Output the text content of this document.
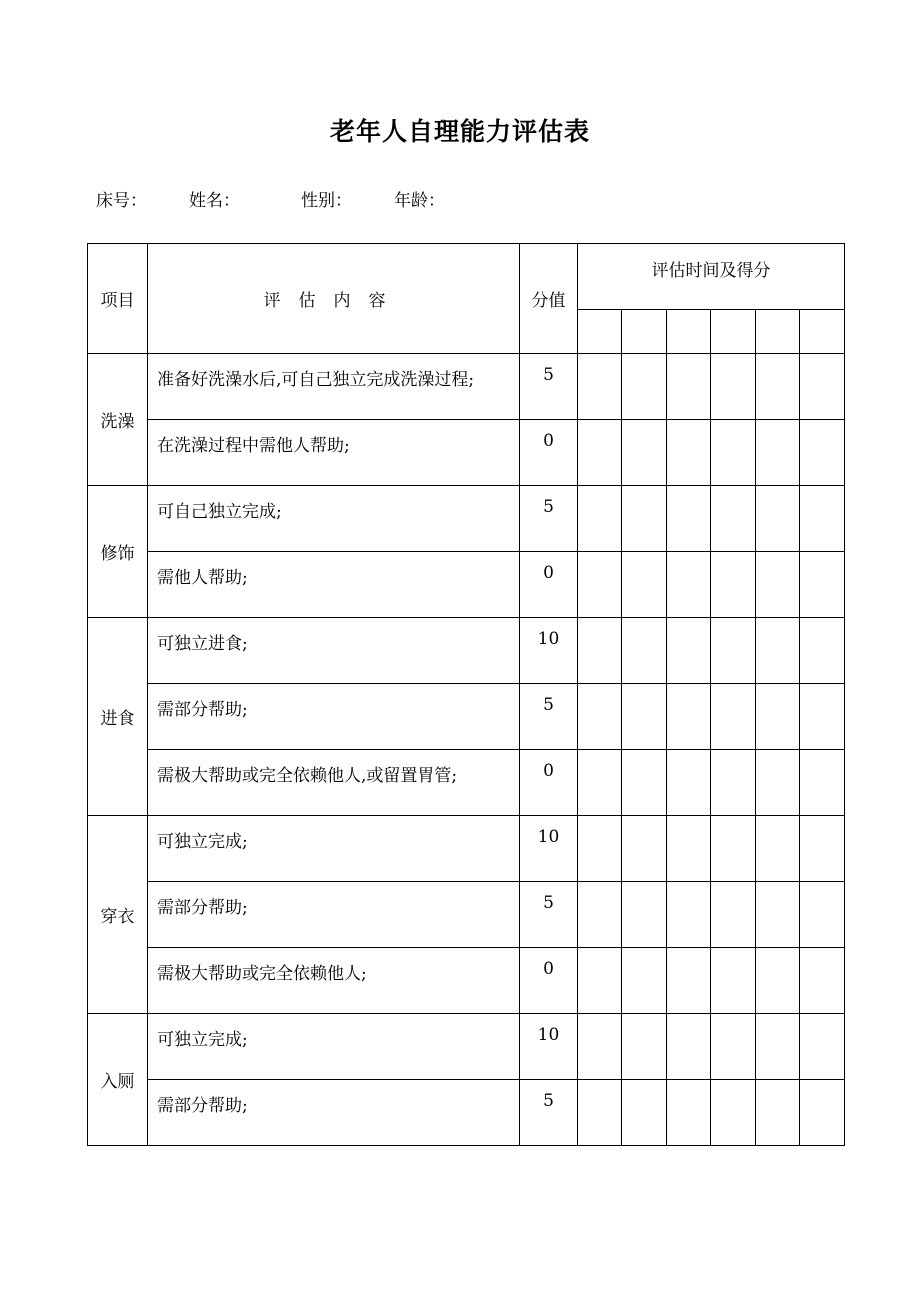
老年人自理能力评估表
床号： 姓名：	性别： 年龄：
项目	评估内容	分值	评估时间及得分					

洗澡	准备好洗澡水后,可自己独立完成洗澡过程;	5						
	在洗澡过程中需他人帮助;	0						
修饰	可自己独立完成;	5						
	需他人帮助;	0						
进食	可独立进食;	10						
	需部分帮助;	5						
	需极大帮助或完全依赖他人,或留置胃管;	0						
穿衣	可独立完成;	10						
	需部分帮助;	5						
	需极大帮助或完全依赖他人;	0						
入厕	可独立完成;	10						
	需部分帮助;	5						
